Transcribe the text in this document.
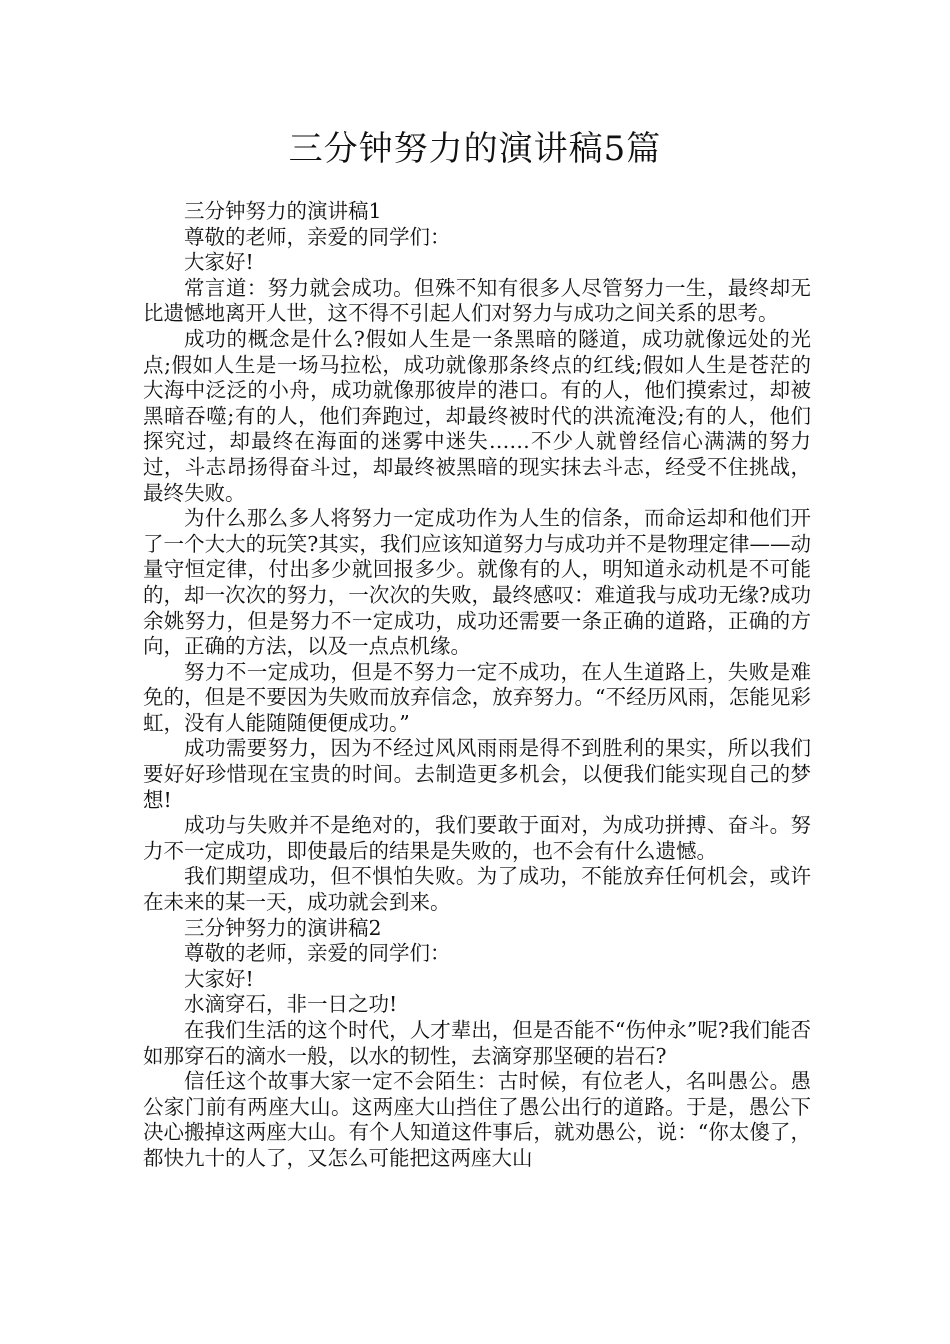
三分钟努力的演讲稿5篇

三分钟努力的演讲稿1

尊敬的老师，亲爱的同学们：

大家好!

常言道：努力就会成功。但殊不知有很多人尽管努力一生，最终却无比遗憾地离开人世，这不得不引起人们对努力与成功之间关系的思考。

成功的概念是什么?假如人生是一条黑暗的隧道，成功就像远处的光点;假如人生是一场马拉松，成功就像那条终点的红线;假如人生是苍茫的大海中泛泛的小舟，成功就像那彼岸的港口。有的人，他们摸索过，却被黑暗吞噬;有的人，他们奔跑过，却最终被时代的洪流淹没;有的人，他们探究过，却最终在海面的迷雾中迷失……不少人就曾经信心满满的努力过，斗志昂扬得奋斗过，却最终被黑暗的现实抹去斗志，经受不住挑战，最终失败。

为什么那么多人将努力一定成功作为人生的信条，而命运却和他们开了一个大大的玩笑?其实，我们应该知道努力与成功并不是物理定律——动量守恒定律，付出多少就回报多少。就像有的人，明知道永动机是不可能的，却一次次的努力，一次次的失败，最终感叹：难道我与成功无缘?成功余姚努力，但是努力不一定成功，成功还需要一条正确的道路，正确的方向，正确的方法，以及一点点机缘。

努力不一定成功，但是不努力一定不成功，在人生道路上，失败是难免的，但是不要因为失败而放弃信念，放弃努力。“不经历风雨，怎能见彩虹，没有人能随随便便成功。”

成功需要努力，因为不经过风风雨雨是得不到胜利的果实，所以我们要好好珍惜现在宝贵的时间。去制造更多机会，以便我们能实现自己的梦想!

成功与失败并不是绝对的，我们要敢于面对，为成功拼搏、奋斗。努力不一定成功，即使最后的结果是失败的，也不会有什么遗憾。

我们期望成功，但不惧怕失败。为了成功，不能放弃任何机会，或许在未来的某一天，成功就会到来。

三分钟努力的演讲稿2

尊敬的老师，亲爱的同学们：

大家好!

水滴穿石，非一日之功!

在我们生活的这个时代，人才辈出，但是否能不“伤仲永”呢?我们能否如那穿石的滴水一般，以水的韧性，去滴穿那坚硬的岩石?

信任这个故事大家一定不会陌生：古时候，有位老人，名叫愚公。愚公家门前有两座大山。这两座大山挡住了愚公出行的道路。于是，愚公下决心搬掉这两座大山。有个人知道这件事后，就劝愚公，说：“你太傻了，都快九十的人了，又怎么可能把这两座大山
